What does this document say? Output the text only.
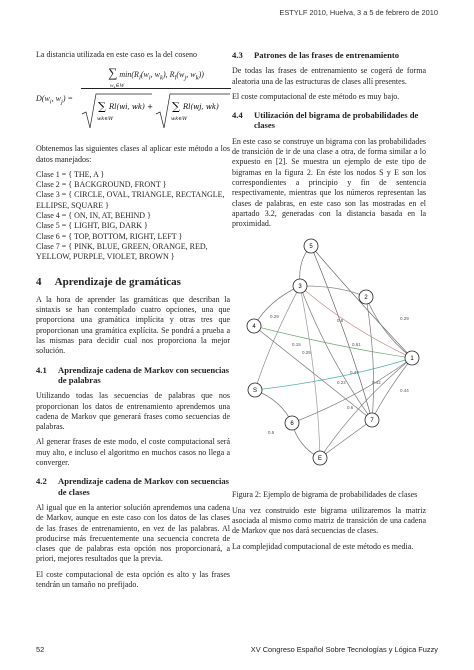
ESTYLF 2010, Huelva, 3 a 5 de febrero de 2010

La distancia utilizada en este caso es la del coseno

$D(w_i$, $w_j$) =
∑ $\min(R_l(w_i$, $w_k$), $R_l(w_j$, $w_k$))
$w_k\in W$
∑ Rl(wi, wk) +
wk∈W
∑ Rl(wj, wk)
wk∈W

Obtenemos las siguientes clases al aplicar este método a los datos manejados:

Clase 1 = { THE, A }

Clase 2 = { BACKGROUND, FRONT }

Clase 3 = { CIRCLE, OVAL, TRIANGLE, RECTANGLE, ELLIPSE, SQUARE }

Clase 4 = { ON, IN, AT, BEHIND }

Clase 5 = { LIGHT, BIG, DARK }

Clase 6 = { TOP, BOTTOM, RIGHT, LEFT }

Clase 7 = { PINK, BLUE, GREEN, ORANGE, RED, YELLOW, PURPLE, VIOLET, BROWN }

4 Aprendizaje de gramáticas

A la hora de aprender las gramáticas que describan la sintaxis se han contemplado cuatro opciones, una que proporciona una gramática implícita y otras tres que proporcionan una gramática explícita. Se pondrá a prueba a las mismas para decidir cual nos proporciona la mejor solución.

4.1	Aprendizaje cadena de Markov con secuencias de palabras

Utilizando todas las secuencias de palabras que nos proporcionan los datos de entrenamiento aprendemos una cadena de Markov que generará frases como secuencias de palabras.

Al generar frases de este modo, el coste computacional será muy alto, e incluso el algoritmo en muchos casos no llega a converger.

4.2	Aprendizaje cadena de Markov con secuencias de clases

Al igual que en la anterior solución aprendemos una cadena de Markov, aunque en este caso con los datos de las clases de las frases de entrenamiento, en vez de las palabras. Al producirse más frecuentemente una secuencia concreta de clases que de palabras esta opción nos proporcionará, a priori, mejores resultados que la previa.

El coste computacional de esta opción es alto y las frases tendrán un tamaño no prefijado.

4.3	Patrones de las frases de entrenamiento

De todas las frases de entrenamiento se cogerá de forma aleatoria una de las estructuras de clases allí presentes.

El coste computacional de este método es muy bajo.

4.4	Utilización del bigrama de probabilidades de clases

En este caso se construye un bigrama con las probabilidades de transición de ir de una clase a otra, de forma similar a lo expuesto en [2]. Se muestra un ejemplo de este tipo de bigramas en la figura 2. En éste los nodos S y E son los correspondientes a principio y fin de sentencia respectivamente, mientras que los números representan las clases de palabras, en este caso son las mostradas en el apartado 3.2, generadas con la distancia basada en la proximidad.

0.29
0.15
0.8
0.61
0.47
0.29
0.22
0.44
0.5
0.6
0.42
0.25
S
1
2
3
4
5
6	7
E

Figura 2: Ejemplo de bigrama de probabilidades de clases

Una vez construido este bigrama utilizaremos la matriz asociada al mismo como matriz de transición de una cadena de Markov que nos dará secuencias de clases.

La complejidad computacional de este método es media.

52	XV Congreso Español Sobre Tecnologías y Lógica Fuzzy
